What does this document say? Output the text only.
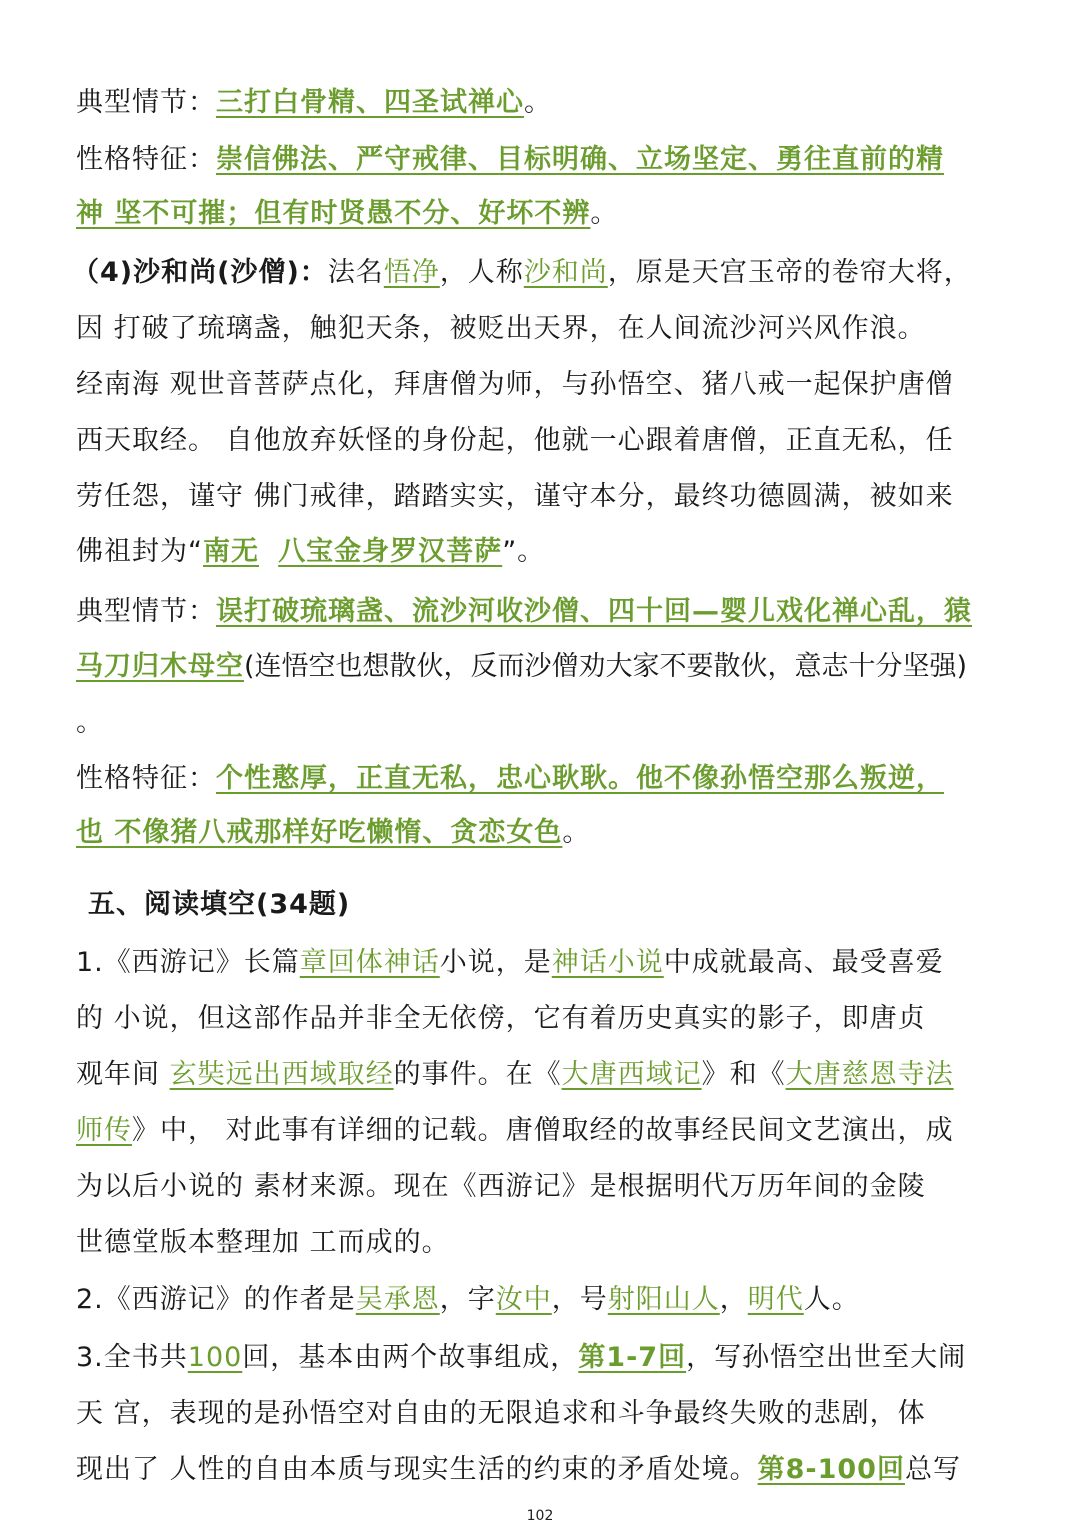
典型情节：三打白骨精、四圣试禅心。
性格特征：崇信佛法、严守戒律、目标明确、立场坚定、勇往直前的精
神 坚不可摧；但有时贤愚不分、好坏不辨。
（4)沙和尚(沙僧)：法名悟净，人称沙和尚，原是天宫玉帝的卷帘大将，
因 打破了琉璃盏，触犯天条，被贬出天界，在人间流沙河兴风作浪。
经南海 观世音菩萨点化，拜唐僧为师，与孙悟空、猪八戒一起保护唐僧
西天取经。 自他放弃妖怪的身份起，他就一心跟着唐僧，正直无私，任
劳任怨，谨守 佛门戒律，踏踏实实，谨守本分，最终功德圆满，被如来
佛祖封为“南无 八宝金身罗汉菩萨”。
典型情节：误打破琉璃盏、流沙河收沙僧、四十回—婴儿戏化禅心乱，猿
马刀归木母空(连悟空也想散伙，反而沙僧劝大家不要散伙，意志十分坚强)
。
性格特征：个性憨厚，正直无私，忠心耿耿。他不像孙悟空那么叛逆，
也 不像猪八戒那样好吃懒惰、贪恋女色。
五、阅读填空(34题)
1.《西游记》长篇章回体神话小说，是神话小说中成就最高、最受喜爱
的 小说，但这部作品并非全无依傍，它有着历史真实的影子，即唐贞
观年间 玄奘远出西域取经的事件。在《大唐西域记》和《大唐慈恩寺法
师传》中， 对此事有详细的记载。唐僧取经的故事经民间文艺演出，成
为以后小说的 素材来源。现在《西游记》是根据明代万历年间的金陵
世德堂版本整理加 工而成的。
2.《西游记》的作者是吴承恩，字汝中，号射阳山人，明代人。
3.全书共100回，基本由两个故事组成，第1-7回，写孙悟空出世至大闹
天 宫，表现的是孙悟空对自由的无限追求和斗争最终失败的悲剧，体
现出了 人性的自由本质与现实生活的约束的矛盾处境。第8-100回总写
102
